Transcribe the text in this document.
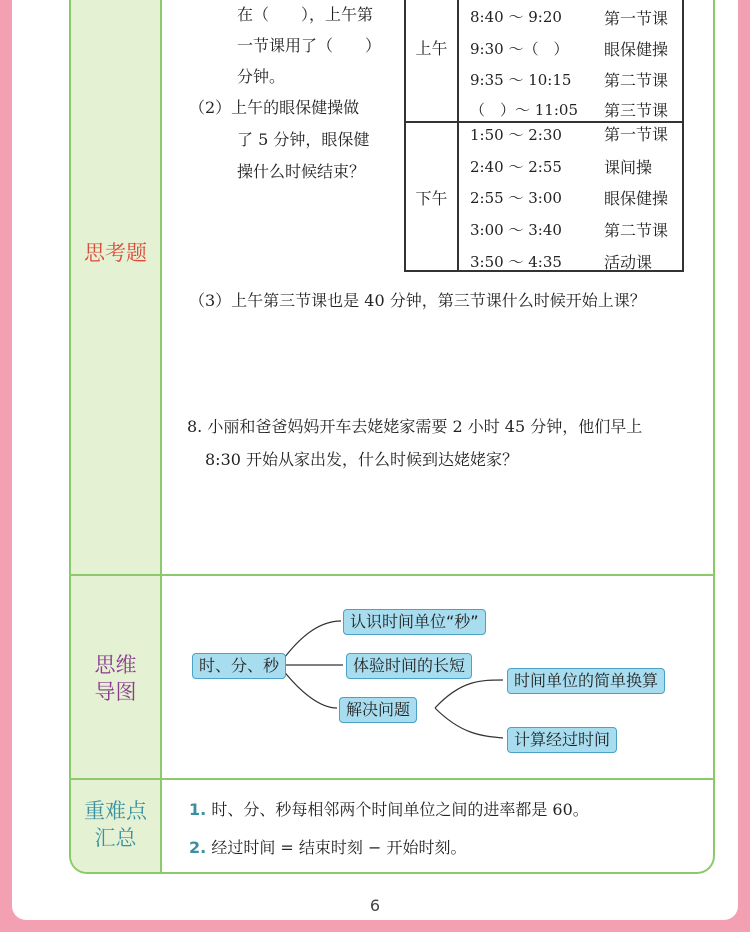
思考题
思维
导图
重难点
汇总
在（　　），上午第
一节课用了（　　）
分钟。
（2）上午的眼保健操做
了 5 分钟，眼保健
操什么时候结束？
上午
下午
8:40 ～ 9:20	第一节课
9:30 ～（　） 眼保健操
9:35 ～ 10:15 第二节课
（　）～ 11:05 第三节课
1:50 ～ 2:30	第一节课
2:40 ～ 2:55	课间操
2:55 ～ 3:00	眼保健操
3:00 ～ 3:40	第二节课
3:50 ～ 4:35	活动课
（3）上午第三节课也是 40 分钟，第三节课什么时候开始上课？
8. 小丽和爸爸妈妈开车去姥姥家需要 2 小时 45 分钟，他们早上
8:30 开始从家出发，什么时候到达姥姥家？
时、分、秒
认识时间单位“秒”
体验时间的长短
解决问题
时间单位的简单换算
计算经过时间
1. 时、分、秒每相邻两个时间单位之间的进率都是 60。
2. 经过时间 = 结束时刻 − 开始时刻。
6
